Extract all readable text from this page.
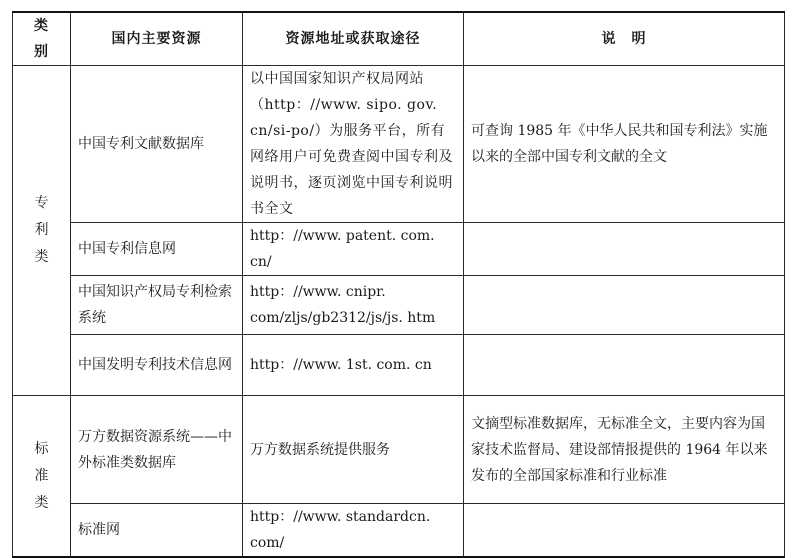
类　别	国内主要资源	资源地址或获取途径	说　明

专利类	中国专利文献数据库	以中国国家知识产权局网站（http：//www. sipo. gov. cn/si-po/）为服务平台，所有网络用户可免费查阅中国专利及说明书，逐页浏览中国专利说明书全文	可查询 1985 年《中华人民共和国专利法》实施以来的全部中国专利文献的全文
	中国专利信息网	http：//www. patent. com. cn/	
	中国知识产权局专利检索系统	http：//www. cnipr. com/zljs/gb2312/js/js. htm	
	中国发明专利技术信息网	http：//www. 1st. com. cn	

标准类	万方数据资源系统——中外标准类数据库	万方数据系统提供服务	文摘型标准数据库，无标准全文，主要内容为国家技术监督局、建设部情报提供的 1964 年以来发布的全部国家标准和行业标准
	标准网	http：//www. standardcn. com/	
